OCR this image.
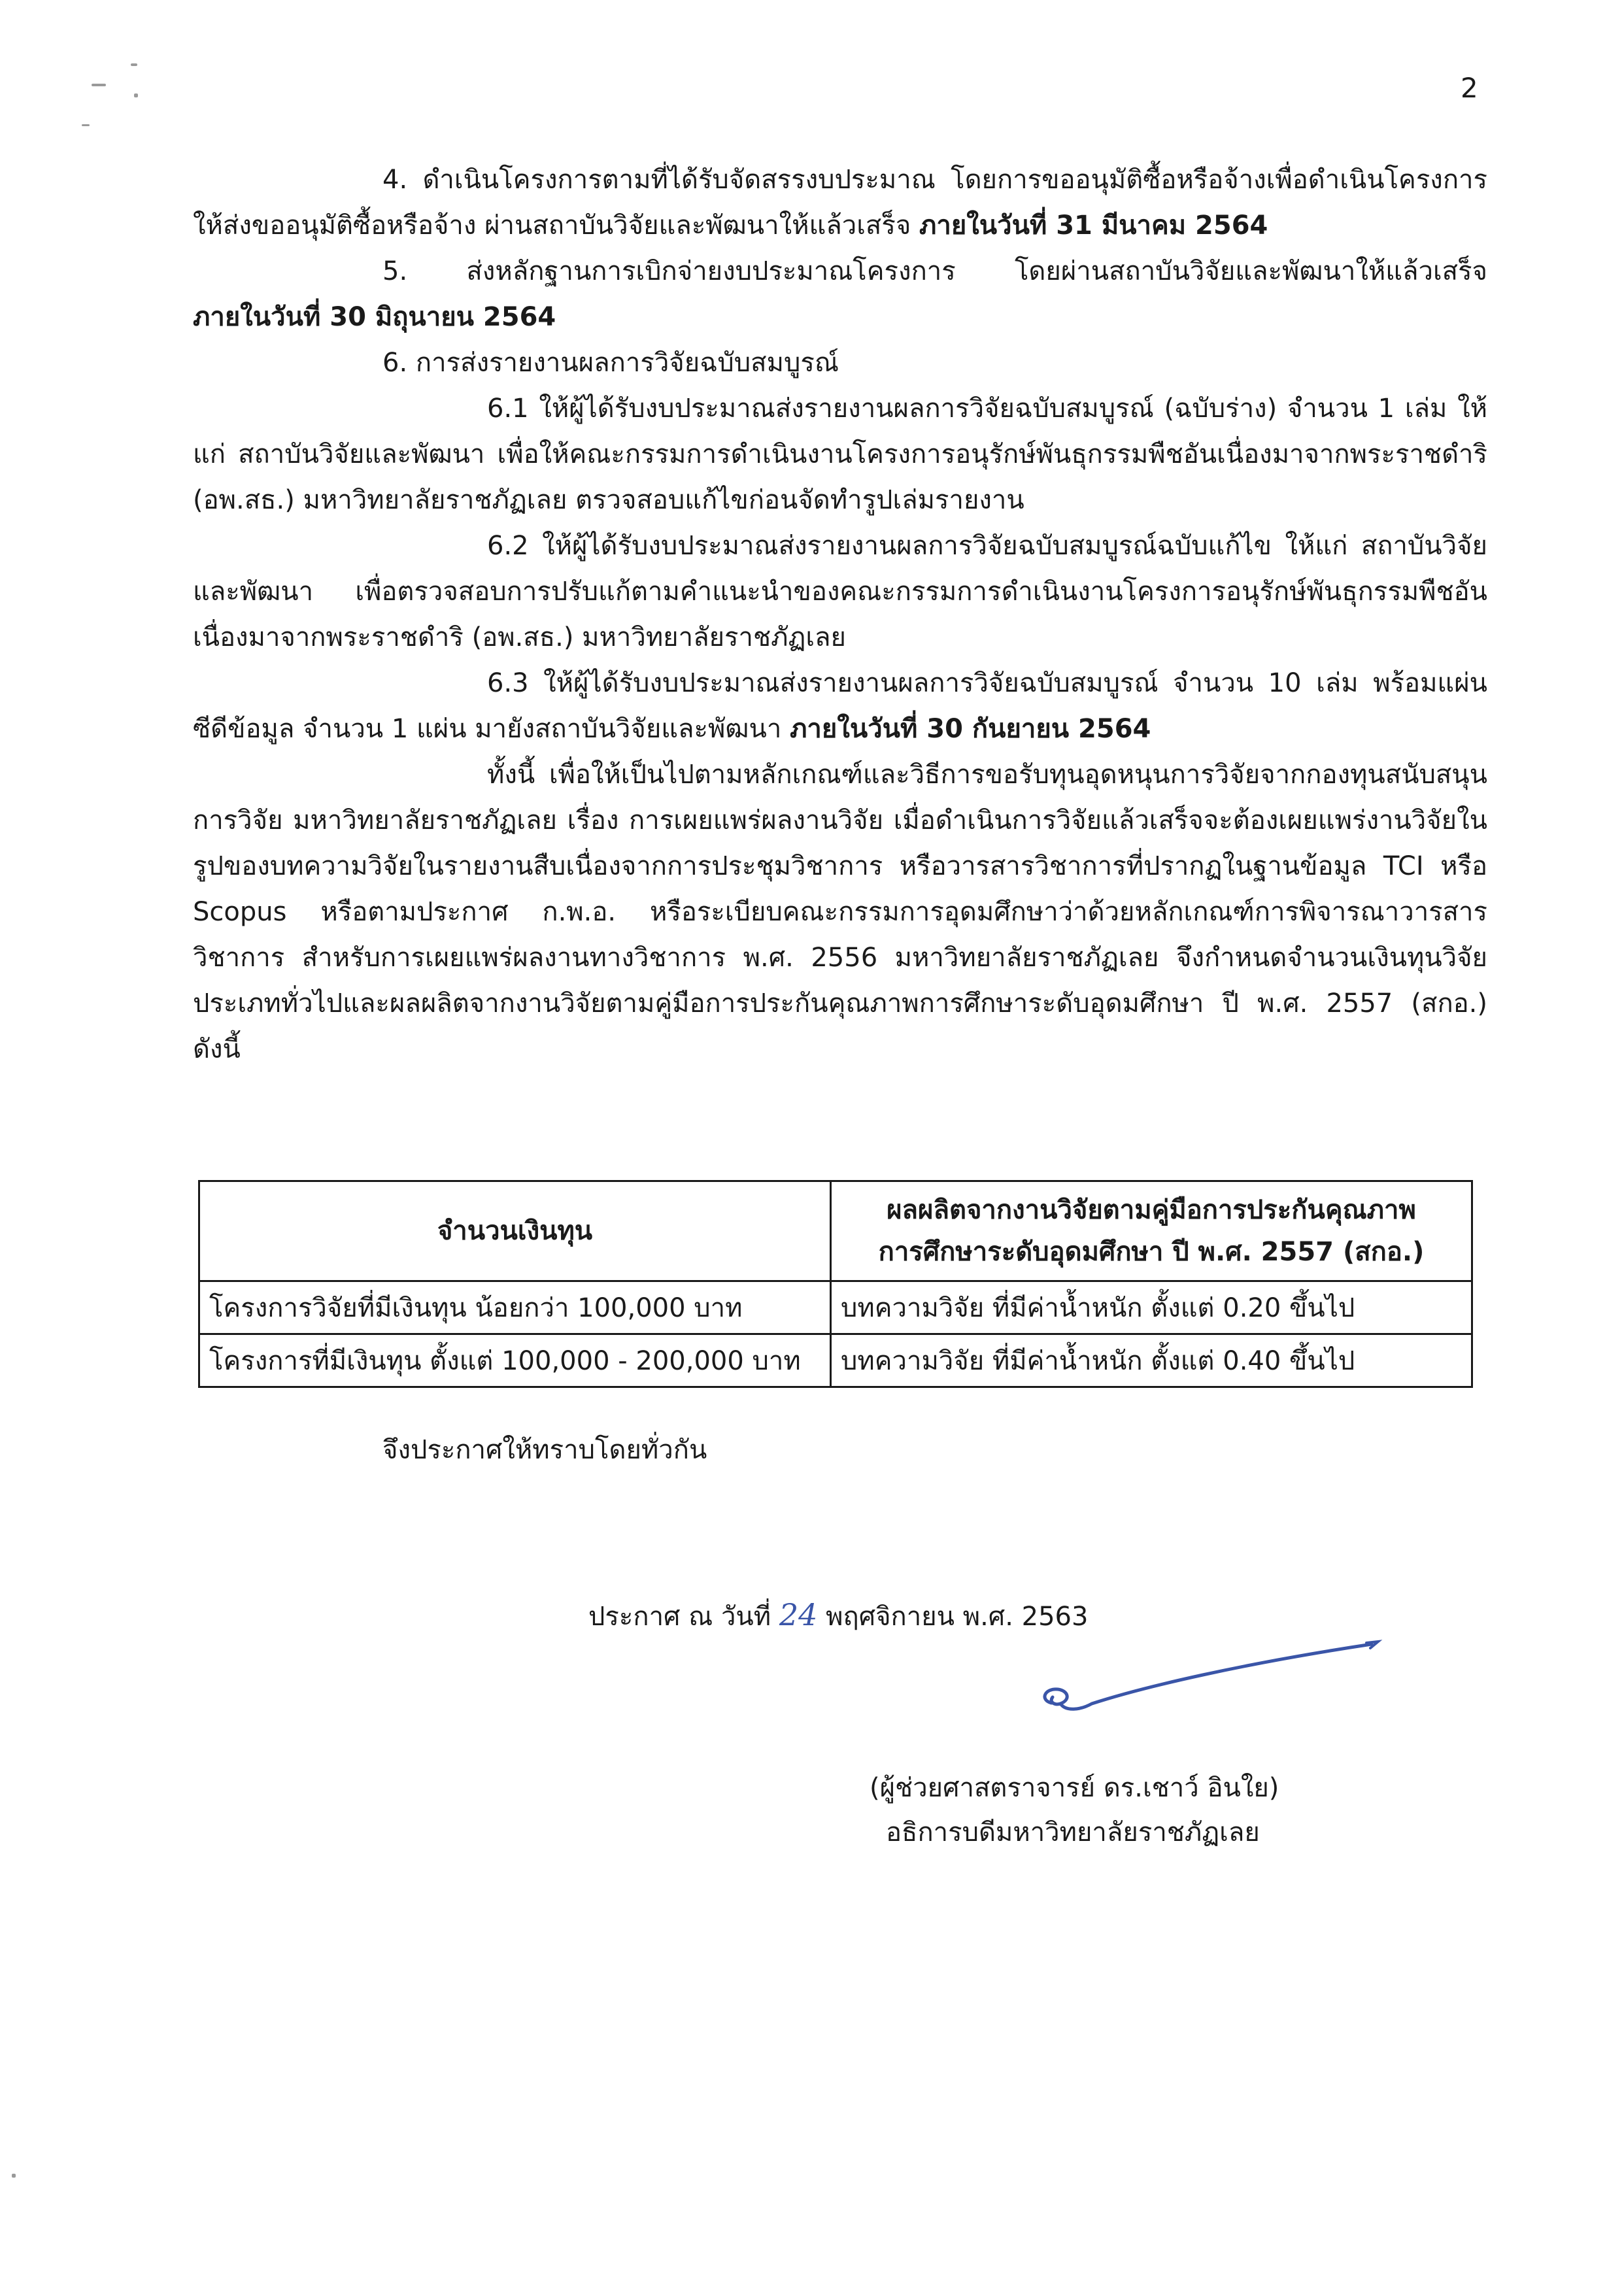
2

4. ดำเนินโครงการตามที่ได้รับจัดสรรงบประมาณ โดยการขออนุมัติซื้อหรือจ้างเพื่อดำเนินโครงการให้ส่งขออนุมัติซื้อหรือจ้าง ผ่านสถาบันวิจัยและพัฒนาให้แล้วเสร็จ ภายในวันที่ 31 มีนาคม 2564

5. ส่งหลักฐานการเบิกจ่ายงบประมาณโครงการ โดยผ่านสถาบันวิจัยและพัฒนาให้แล้วเสร็จ ภายในวันที่ 30 มิถุนายน 2564

6. การส่งรายงานผลการวิจัยฉบับสมบูรณ์

6.1 ให้ผู้ได้รับงบประมาณส่งรายงานผลการวิจัยฉบับสมบูรณ์ (ฉบับร่าง) จำนวน 1 เล่ม ให้แก่ สถาบันวิจัยและพัฒนา เพื่อให้คณะกรรมการดำเนินงานโครงการอนุรักษ์พันธุกรรมพืชอันเนื่องมาจากพระราชดำริ (อพ.สธ.) มหาวิทยาลัยราชภัฏเลย ตรวจสอบแก้ไขก่อนจัดทำรูปเล่มรายงาน

6.2 ให้ผู้ได้รับงบประมาณส่งรายงานผลการวิจัยฉบับสมบูรณ์ฉบับแก้ไข ให้แก่ สถาบันวิจัยและพัฒนา เพื่อตรวจสอบการปรับแก้ตามคำแนะนำของคณะกรรมการดำเนินงานโครงการอนุรักษ์พันธุกรรมพืชอันเนื่องมาจากพระราชดำริ (อพ.สธ.) มหาวิทยาลัยราชภัฏเลย

6.3 ให้ผู้ได้รับงบประมาณส่งรายงานผลการวิจัยฉบับสมบูรณ์ จำนวน 10 เล่ม พร้อมแผ่นซีดีข้อมูล จำนวน 1 แผ่น มายังสถาบันวิจัยและพัฒนา ภายในวันที่ 30 กันยายน 2564

ทั้งนี้ เพื่อให้เป็นไปตามหลักเกณฑ์และวิธีการขอรับทุนอุดหนุนการวิจัยจากกองทุนสนับสนุนการวิจัย มหาวิทยาลัยราชภัฏเลย เรื่อง การเผยแพร่ผลงานวิจัย เมื่อดำเนินการวิจัยแล้วเสร็จจะต้องเผยแพร่งานวิจัยในรูปของบทความวิจัยในรายงานสืบเนื่องจากการประชุมวิชาการ หรือวารสารวิชาการที่ปรากฏในฐานข้อมูล TCI หรือ Scopus หรือตามประกาศ ก.พ.อ. หรือระเบียบคณะกรรมการอุดมศึกษาว่าด้วยหลักเกณฑ์การพิจารณาวารสารวิชาการ สำหรับการเผยแพร่ผลงานทางวิชาการ พ.ศ. 2556 มหาวิทยาลัยราชภัฏเลย จึงกำหนดจำนวนเงินทุนวิจัยประเภททั่วไปและผลผลิตจากงานวิจัยตามคู่มือการประกันคุณภาพการศึกษาระดับอุดมศึกษา ปี พ.ศ. 2557 (สกอ.) ดังนี้

จำนวนเงินทุน	ผลผลิตจากงานวิจัยตามคู่มือการประกันคุณภาพ
การศึกษาระดับอุดมศึกษา ปี พ.ศ. 2557 (สกอ.)
โครงการวิจัยที่มีเงินทุน น้อยกว่า 100,000 บาท	บทความวิจัย ที่มีค่าน้ำหนัก ตั้งแต่ 0.20 ขึ้นไป
โครงการที่มีเงินทุน ตั้งแต่ 100,000 - 200,000 บาท	บทความวิจัย ที่มีค่าน้ำหนัก ตั้งแต่ 0.40 ขึ้นไป
จึงประกาศให้ทราบโดยทั่วกัน
ประกาศ ณ วันที่ 24 พฤศจิกายน พ.ศ. 2563
(ผู้ช่วยศาสตราจารย์ ดร.เชาว์ อินใย)
อธิการบดีมหาวิทยาลัยราชภัฏเลย
